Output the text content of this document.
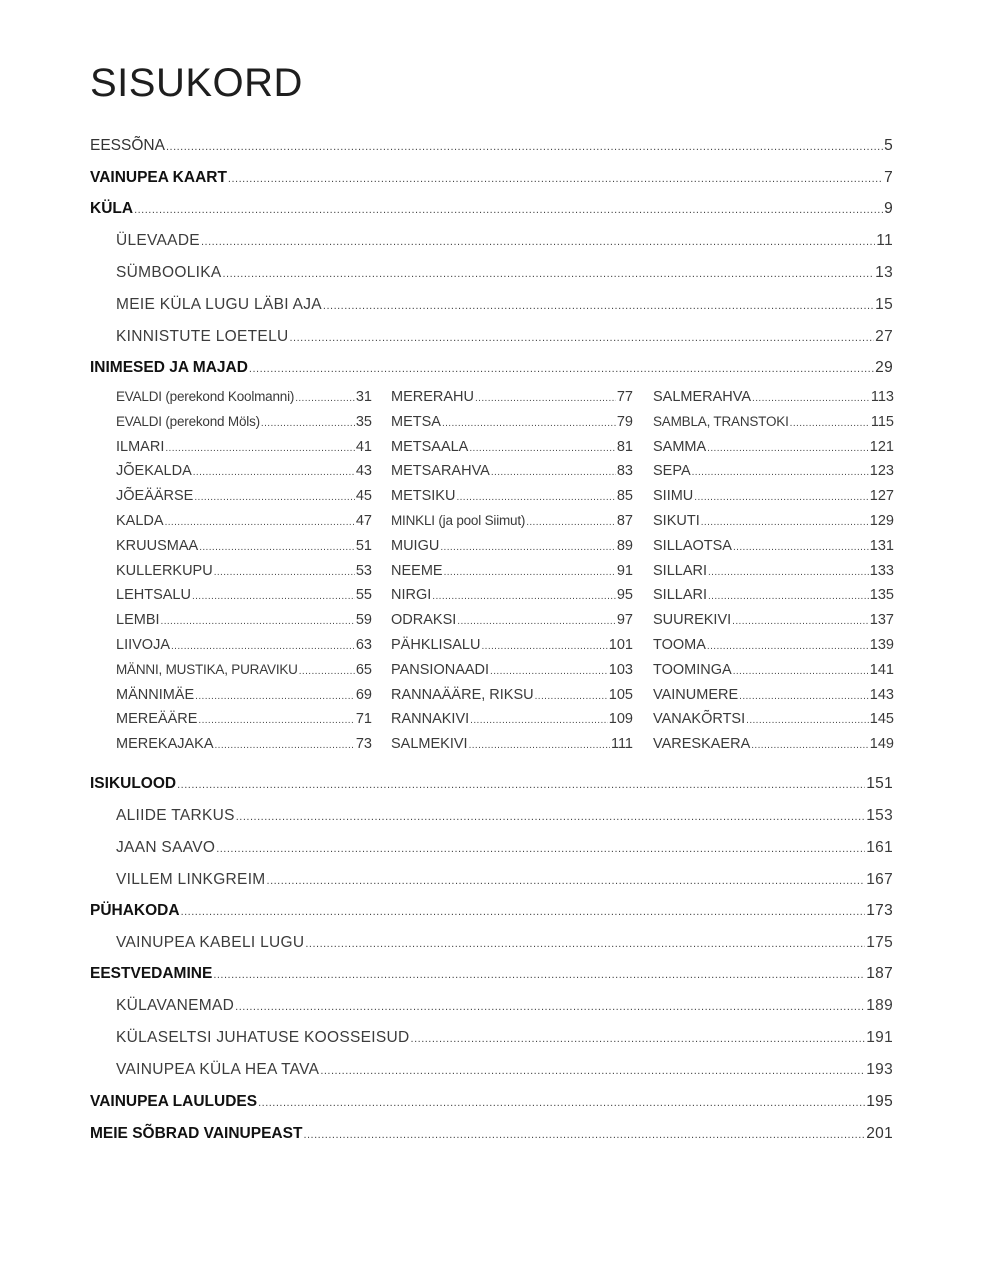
SISUKORD
EESSÕNA .....	5
VAINUPEA KAART .....	7
KÜLA .....	9
ÜLEVAADE .....	11
SÜMBOOLIKA .....	13
MEIE KÜLA LUGU LÄBI AJA .....	15
KINNISTUTE LOETELU .....	27
INIMESED JA MAJAD .....	29
EVALDI (perekond Koolmanni) .....	31
EVALDI (perekond Möls) .....	35
ILMARI .....	41
JÕEKALDA .....	43
JÕEÄÄRSE .....	45
KALDA .....	47
KRUUSMAA .....	51
KULLERKUPU .....	53
LEHTSALU .....	55
LEMBI .....	59
LIIVOJA .....	63
MÄNNI, MUSTIKA, PURAVIKU .....	65
MÄNNIMÄE .....	69
MEREÄÄRE .....	71
MEREKAJAKA .....	73
MERERAHU .....	77
METSA .....	79
METSAALA .....	81
METSARAHVA .....	83
METSIKU .....	85
MINKLI (ja pool Siimut) .....	87
MUIGU .....	89
NEEME .....	91
NIRGI .....	95
ODRAKSI .....	97
PÄHKLISALU .....	101
PANSIONAADI .....	103
RANNAÄÄRE, RIKSU .....	105
RANNAKIVI .....	109
SALMEKIVI .....	111
SALMERAHVA .....	113
SAMBLA, TRANSTOKI .....	115
SAMMA .....	121
SEPA .....	123
SIIMU .....	127
SIKUTI .....	129
SILLAOTSA .....	131
SILLARI .....	133
SILLARI .....	135
SUUREKIVI .....	137
TOOMA .....	139
TOOMINGA .....	141
VAINUMERE .....	143
VANAKÕRTSI .....	145
VARESKAERA .....	149
ISIKULOOD .....	151
ALIIDE TARKUS .....	153
JAAN SAAVO .....	161
VILLEM LINKGREIM .....	167
PÜHAKODA .....	173
VAINUPEA KABELI LUGU .....	175
EESTVEDAMINE .....	187
KÜLAVANEMAD .....	189
KÜLASELTSI JUHATUSE KOOSSEISUD .....	191
VAINUPEA KÜLA HEA TAVA .....	193
VAINUPEA LAULUDES .....	195
MEIE SÕBRAD VAINUPEAST .....	201
